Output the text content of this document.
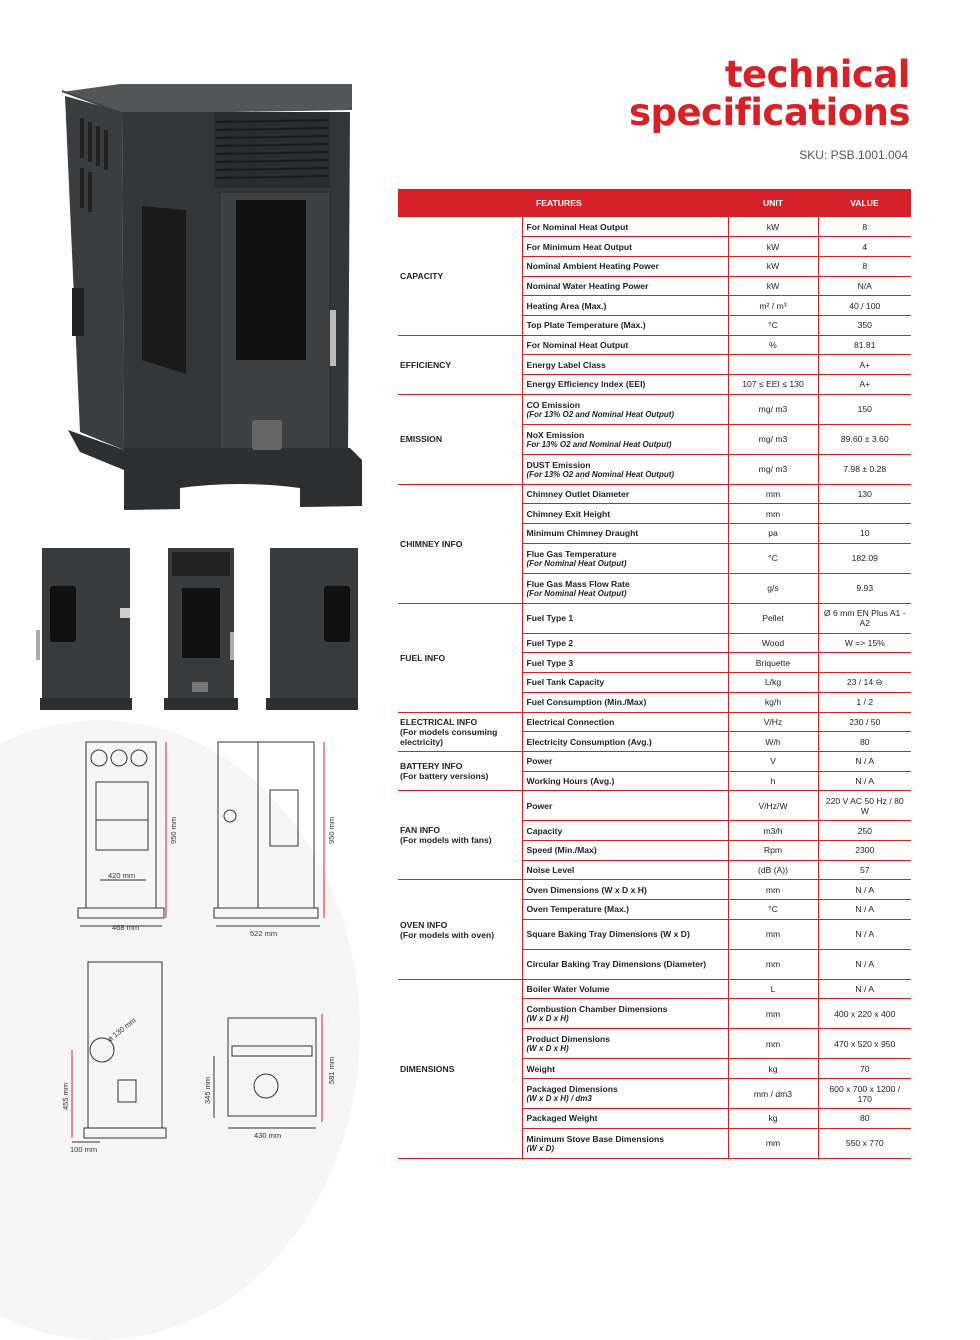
468 mm
420 mm
950 mm
522 mm
950 mm
ø 130 mm
455 mm
100 mm
430 mm
345 mm
581 mm
technical
specifications
SKU: PSB.1001.004
	FEATURES	UNIT	VALUE

CAPACITY	For Nominal Heat Output	kW	8
	For Minimum Heat Output	kW	4
	Nominal Ambient Heating Power	kW	8
	Nominal Water Heating Power	kW	N/A
	Heating Area (Max.)	m² / m³	40 / 100
	Top Plate Temperature (Max.)	°C	350

EFFICIENCY	For Nominal Heat Output	%	81.81
	Energy Label Class		A+
	Energy Efficiency Index (EEI)	107 ≤ EEI ≤ 130	A+

EMISSION	CO Emission
(For 13% O2 and Nominal Heat Output)	mg/ m3	150
	NoX Emission
For 13% O2 and Nominal Heat Output)	mg/ m3	89.60 ± 3.60
	DUST Emission
(For 13% O2 and Nominal Heat Output)	mg/ m3	7.98 ± 0.28

CHIMNEY INFO	Chimney Outlet Diameter	mm	130
	Chimney Exit Height	mm	
	Minimum Chimney Draught	pa	10
	Flue Gas Temperature
(For Nominal Heat Output)	°C	182.09
	Flue Gas Mass Flow Rate
(For Nominal Heat Output)	g/s	9.93

FUEL INFO	Fuel Type 1	Pellet	Ø 6 mm EN Plus A1 - A2
	Fuel Type 2	Wood	W => 15%
	Fuel Type 3	Briquette	
	Fuel Tank Capacity	L/kg	23 / 14 ⊖
	Fuel Consumption (Min./Max)	kg/h	1 / 2

ELECTRICAL INFO
(For models consuming electricity)	Electrical Connection	V/Hz	230 / 50
	Electricity Consumption (Avg.)	W/h	80

BATTERY INFO
(For battery versions)	Power	V	N / A
	Working Hours (Avg.)	h	N / A

FAN INFO
(For models with fans)	Power	V/Hz/W	220 V AC 50 Hz / 80 W
	Capacity	m3/h	250
	Speed (Min./Max)	Rpm	2300
	Noise Level	(dB (A))	57

OVEN INFO
(For models with oven)	Oven Dimensions (W x D x H)	mm	N / A
	Oven Temperature (Max.)	°C	N / A
	Square Baking Tray Dimensions (W x D)	mm	N / A
	Circular Baking Tray Dimensions (Diameter)	mm	N / A

DIMENSIONS	Boiler Water Volume	L	N / A
	Combustion Chamber Dimensions
(W x D x H)	mm	400 x 220 x 400
	Product Dimensions
(W x D x H)	mm	470 x 520 x 950
	Weight	kg	70
	Packaged Dimensions
(W x D x H) / dm3	mm / dm3	600 x 700 x 1200 / 170
	Packaged Weight	kg	80
	Minimum Stove Base Dimensions
(W x D)	mm	550 x 770
